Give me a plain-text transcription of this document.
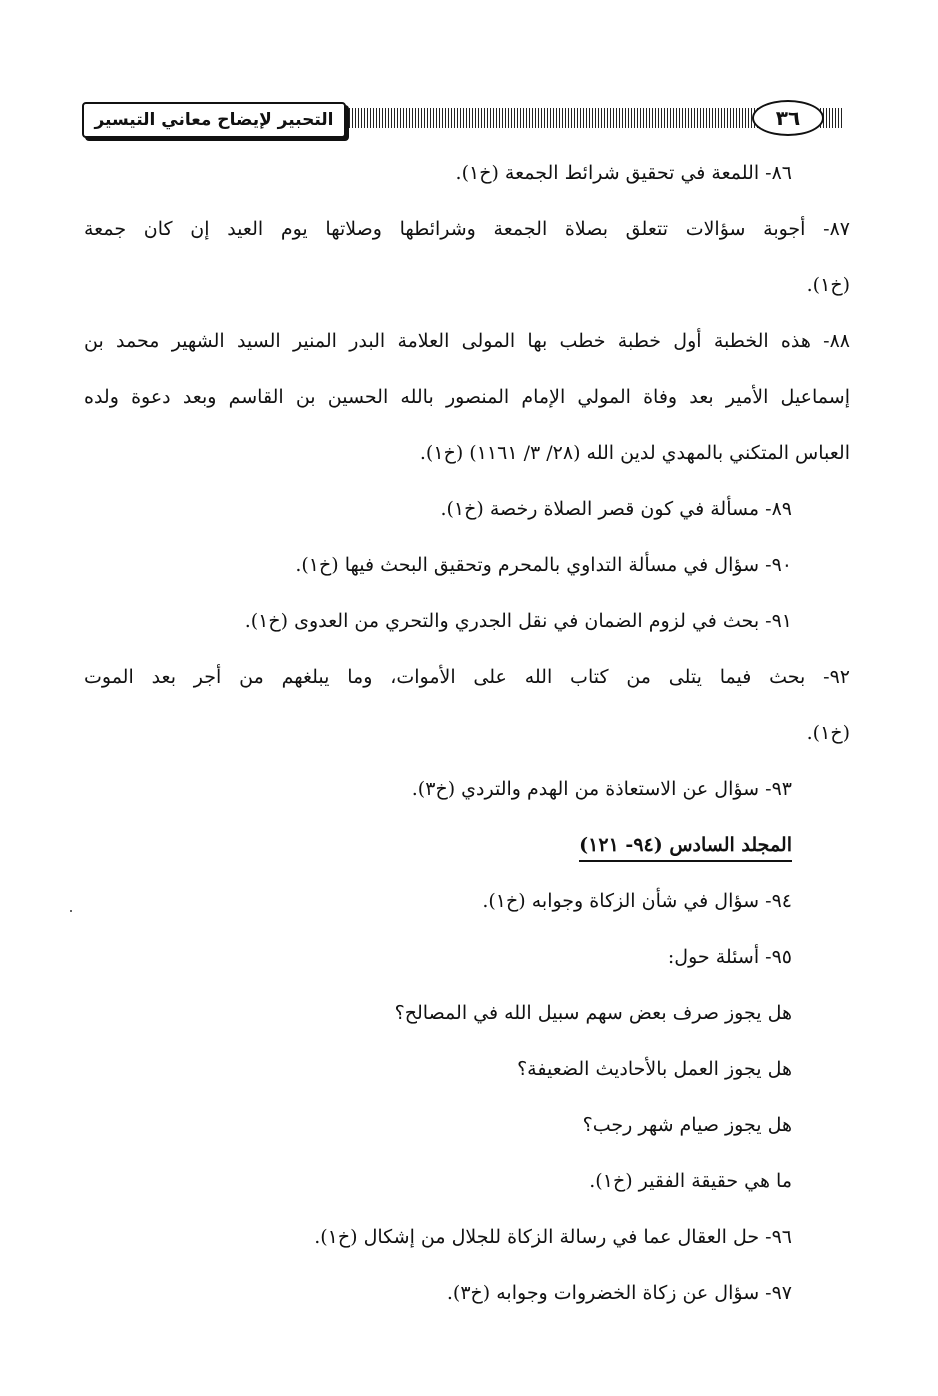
التحبير لإيضاح معاني التيسير	٣٦
٨٦- اللمعة في تحقيق شرائط الجمعة (خ١).
٨٧- أجوبة سؤالات تتعلق بصلاة الجمعة وشرائطها وصلاتها يوم العيد إن كان جمعة
(خ١).
٨٨- هذه الخطبة أول خطبة خطب بها المولى العلامة البدر المنير السيد الشهير محمد بن
إسماعيل الأمير بعد وفاة المولي الإمام المنصور بالله الحسين بن القاسم وبعد دعوة ولده
العباس المتكني بالمهدي لدين الله (٢٨/ ٣/ ١١٦١) (خ١).
٨٩- مسألة في كون قصر الصلاة رخصة (خ١).
٩٠- سؤال في مسألة التداوي بالمحرم وتحقيق البحث فيها (خ١).
٩١- بحث في لزوم الضمان في نقل الجدري والتحري من العدوى (خ١).
٩٢- بحث فيما يتلى من كتاب الله على الأموات، وما يبلغهم من أجر بعد الموت
(خ١).
٩٣- سؤال عن الاستعاذة من الهدم والتردي (خ٣).
المجلد السادس (٩٤- ١٢١)
٩٤- سؤال في شأن الزكاة وجوابه (خ١).
٩٥- أسئلة حول:
هل يجوز صرف بعض سهم سبيل الله في المصالح؟
هل يجوز العمل بالأحاديث الضعيفة؟
هل يجوز صيام شهر رجب؟
ما هي حقيقة الفقير (خ١).
٩٦- حل العقال عما في رسالة الزكاة للجلال من إشكال (خ١).
٩٧- سؤال عن زكاة الخضروات وجوابه (خ٣).
